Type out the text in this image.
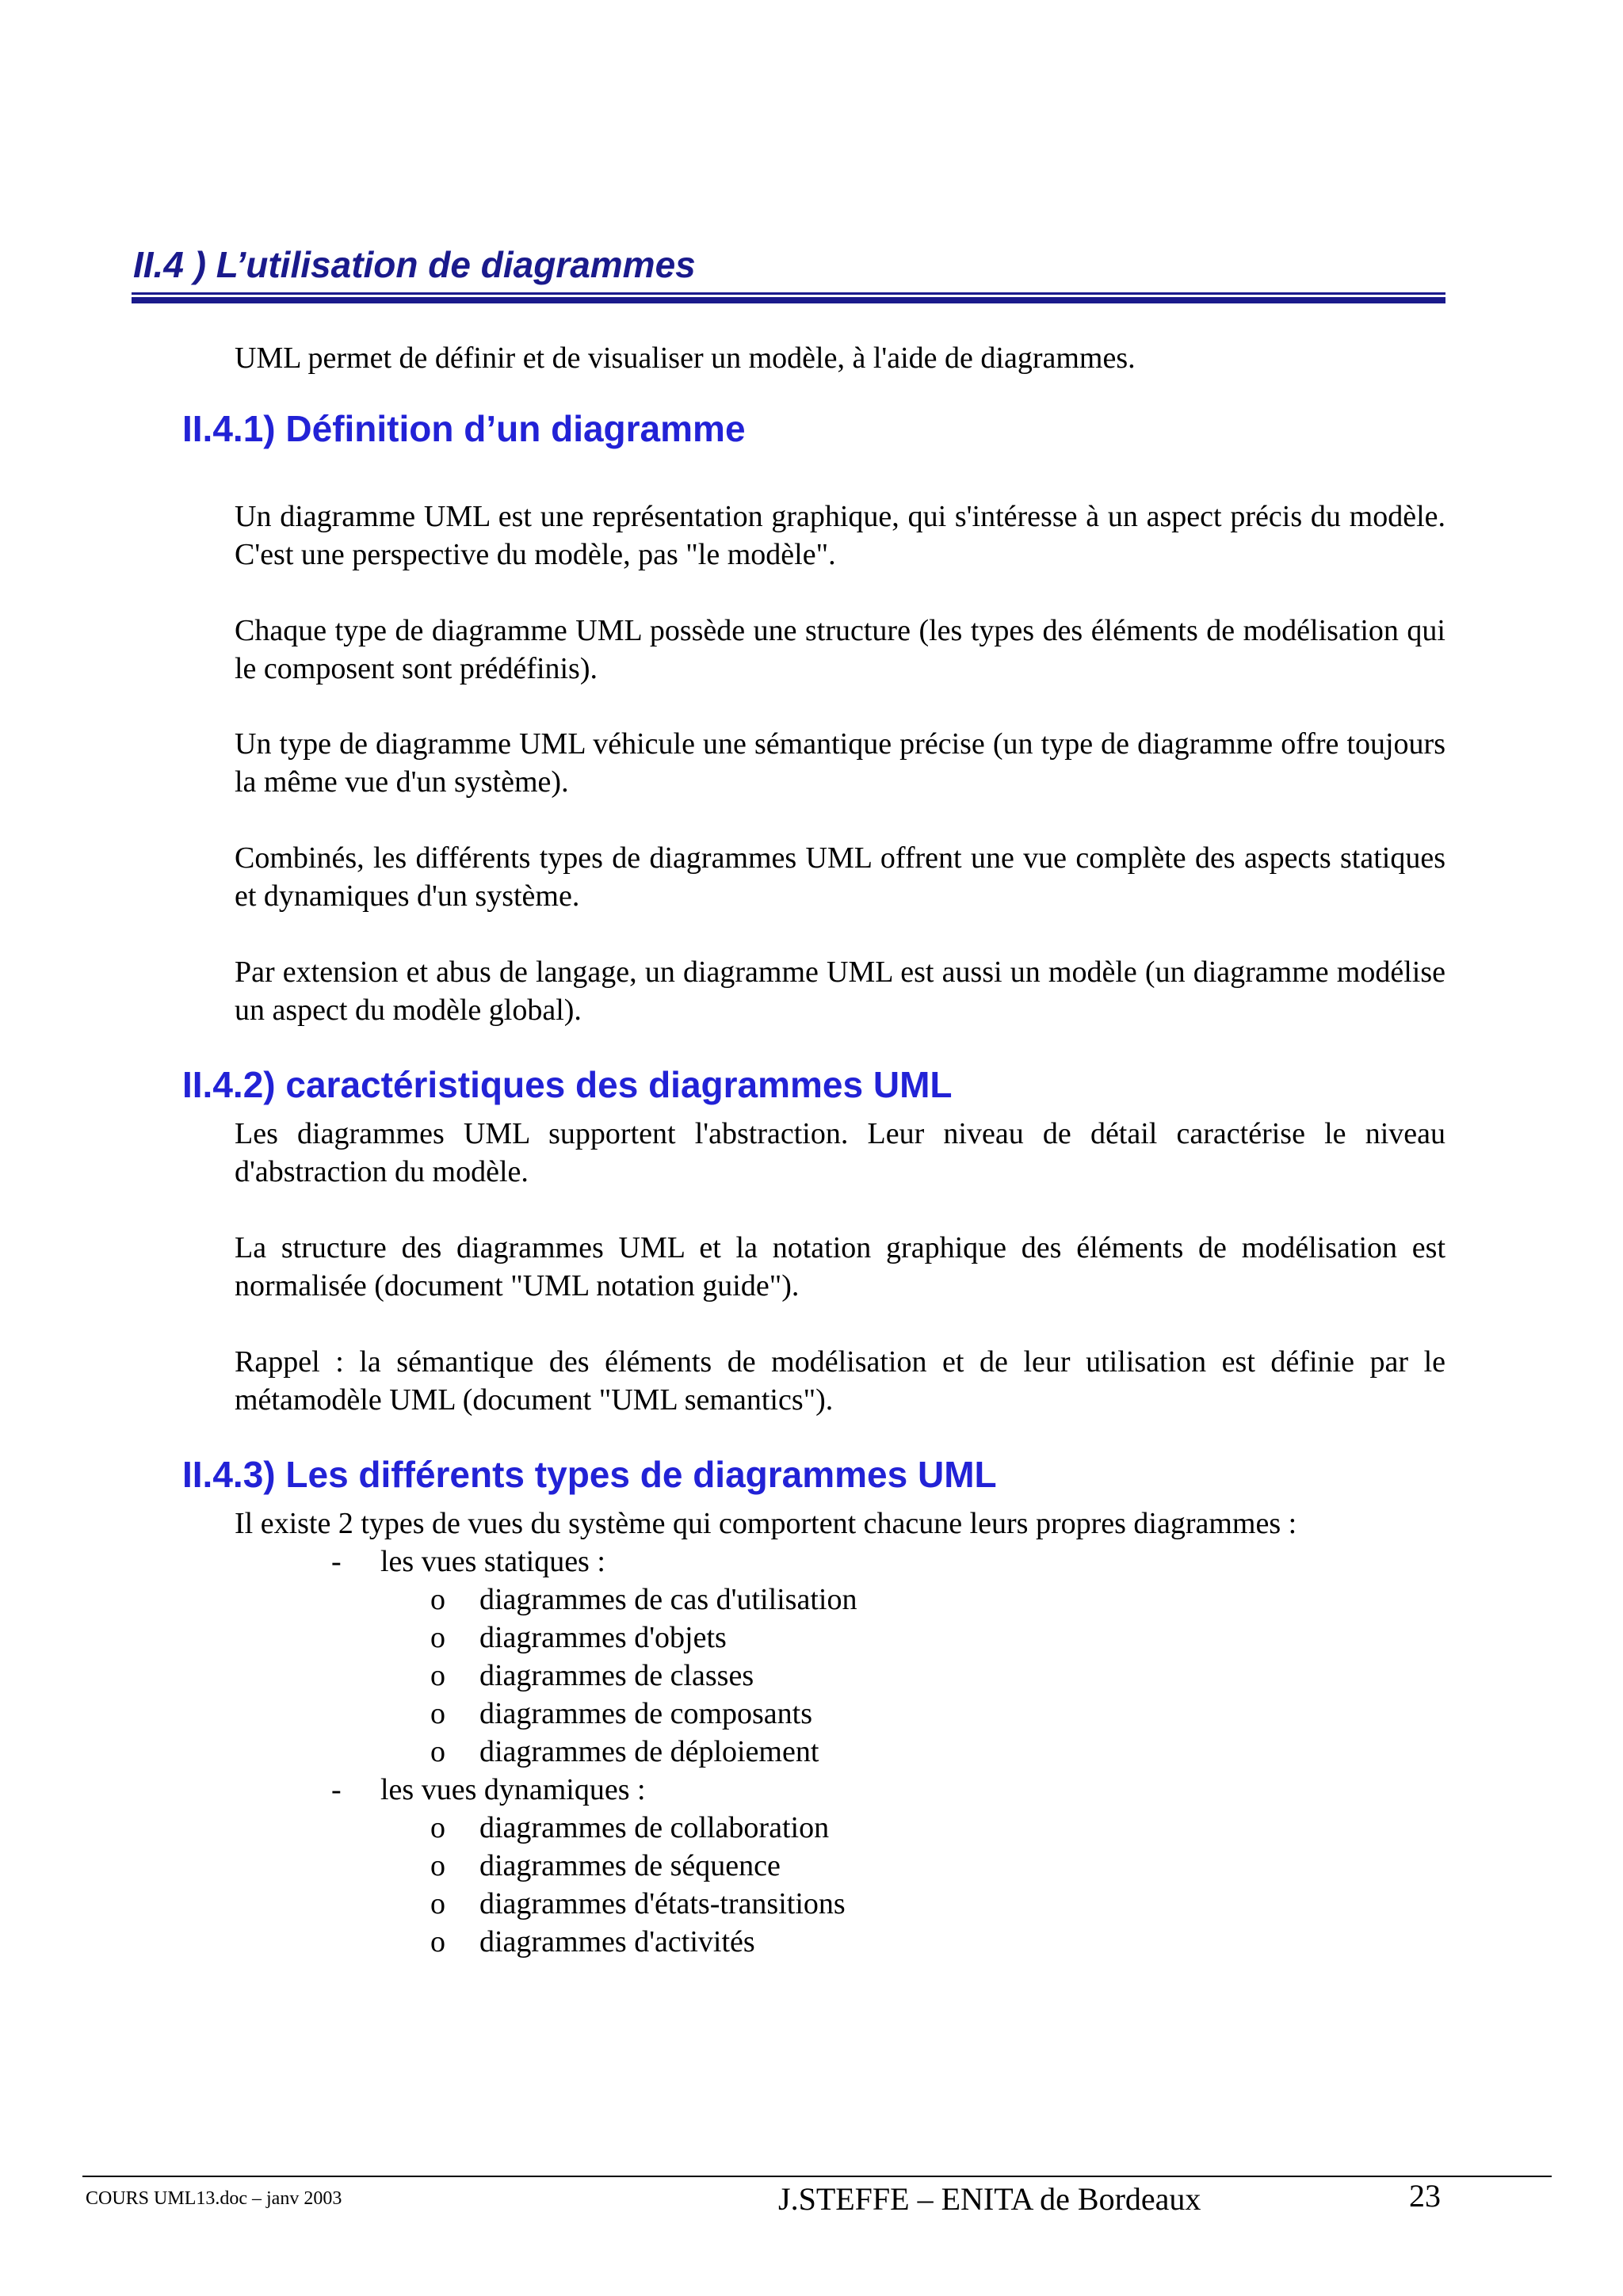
II.4 ) L’utilisation de diagrammes

UML permet de définir et de visualiser un modèle, à l'aide de diagrammes.

II.4.1) Définition d’un diagramme

Un diagramme UML est une représentation graphique, qui s'intéresse à un aspect précis du modèle. C'est une perspective du modèle, pas "le modèle".

Chaque type de diagramme UML possède une structure (les types des éléments de modélisation qui le composent sont prédéfinis).

Un type de diagramme UML véhicule une sémantique précise (un type de diagramme offre toujours la même vue d'un système).

Combinés, les différents types de diagrammes UML offrent une vue complète des aspects statiques et dynamiques d'un système.

Par extension et abus de langage, un diagramme UML est aussi un modèle (un diagramme modélise un aspect du modèle global).

II.4.2) caractéristiques des diagrammes UML

Les diagrammes UML supportent l'abstraction. Leur niveau de détail caractérise le niveau d'abstraction du modèle.

La structure des diagrammes UML et la notation graphique des éléments de modélisation est normalisée (document "UML notation guide").

Rappel : la sémantique des éléments de modélisation et de leur utilisation est définie par le métamodèle UML (document "UML semantics").

II.4.3) Les différents types de diagrammes UML

Il existe 2 types de vues du système qui comportent chacune leurs propres diagrammes :

- les vues statiques :
o diagrammes de cas d'utilisation
o diagrammes d'objets
o diagrammes de classes
o diagrammes de composants
o diagrammes de déploiement
- les vues dynamiques :
o diagrammes de collaboration
o diagrammes de séquence
o diagrammes d'états-transitions
o diagrammes d'activités
COURS UML13.doc – janv 2003	J.STEFFE – ENITA de Bordeaux	23
